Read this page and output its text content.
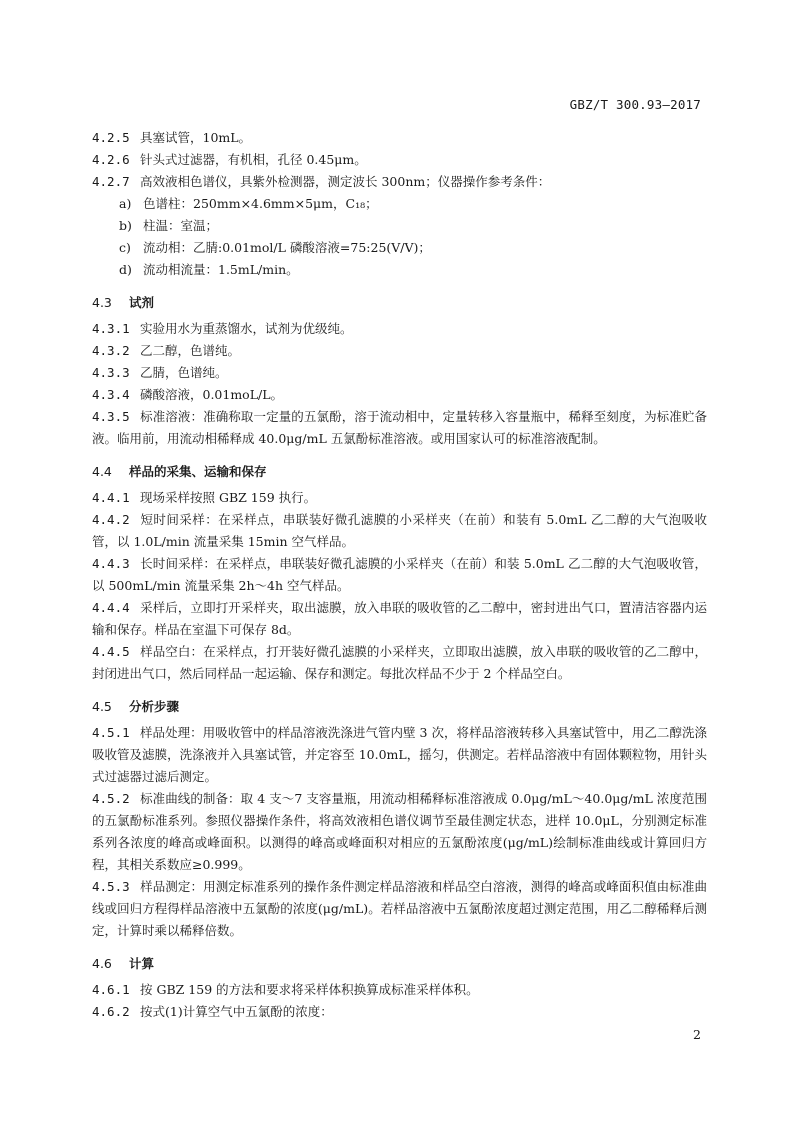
GBZ/T 300.93—2017
4.2.5 具塞试管，10mL。
4.2.6 针头式过滤器，有机相，孔径 0.45μm。
4.2.7 高效液相色谱仪，具紫外检测器，测定波长 300nm；仪器操作参考条件：
a) 色谱柱：250mm×4.6mm×5μm，C₁₈；
b) 柱温：室温；
c) 流动相：乙腈:0.01mol/L 磷酸溶液=75:25(V/V)；
d) 流动相流量：1.5mL/min。
4.3 试剂
4.3.1 实验用水为重蒸馏水，试剂为优级纯。
4.3.2 乙二醇，色谱纯。
4.3.3 乙腈，色谱纯。
4.3.4 磷酸溶液，0.01moL/L。
4.3.5 标准溶液：准确称取一定量的五氯酚，溶于流动相中，定量转移入容量瓶中，稀释至刻度，为标准贮备液。临用前，用流动相稀释成 40.0μg/mL 五氯酚标准溶液。或用国家认可的标准溶液配制。
4.4 样品的采集、运输和保存
4.4.1 现场采样按照 GBZ 159 执行。
4.4.2 短时间采样：在采样点，串联装好微孔滤膜的小采样夹（在前）和装有 5.0mL 乙二醇的大气泡吸收管，以 1.0L/min 流量采集 15min 空气样品。
4.4.3 长时间采样：在采样点，串联装好微孔滤膜的小采样夹（在前）和装 5.0mL 乙二醇的大气泡吸收管，以 500mL/min 流量采集 2h～4h 空气样品。
4.4.4 采样后，立即打开采样夹，取出滤膜，放入串联的吸收管的乙二醇中，密封进出气口，置清洁容器内运输和保存。样品在室温下可保存 8d。
4.4.5 样品空白：在采样点，打开装好微孔滤膜的小采样夹，立即取出滤膜，放入串联的吸收管的乙二醇中，封闭进出气口，然后同样品一起运输、保存和测定。每批次样品不少于 2 个样品空白。
4.5 分析步骤
4.5.1 样品处理：用吸收管中的样品溶液洗涤进气管内壁 3 次，将样品溶液转移入具塞试管中，用乙二醇洗涤吸收管及滤膜，洗涤液并入具塞试管，并定容至 10.0mL，摇匀，供测定。若样品溶液中有固体颗粒物，用针头式过滤器过滤后测定。
4.5.2 标准曲线的制备：取 4 支～7 支容量瓶，用流动相稀释标准溶液成 0.0μg/mL～40.0μg/mL 浓度范围的五氯酚标准系列。参照仪器操作条件，将高效液相色谱仪调节至最佳测定状态，进样 10.0μL，分别测定标准系列各浓度的峰高或峰面积。以测得的峰高或峰面积对相应的五氯酚浓度(μg/mL)绘制标准曲线或计算回归方程，其相关系数应≥0.999。
4.5.3 样品测定：用测定标准系列的操作条件测定样品溶液和样品空白溶液，测得的峰高或峰面积值由标准曲线或回归方程得样品溶液中五氯酚的浓度(μg/mL)。若样品溶液中五氯酚浓度超过测定范围，用乙二醇稀释后测定，计算时乘以稀释倍数。
4.6 计算
4.6.1 按 GBZ 159 的方法和要求将采样体积换算成标准采样体积。
4.6.2 按式(1)计算空气中五氯酚的浓度：
2
